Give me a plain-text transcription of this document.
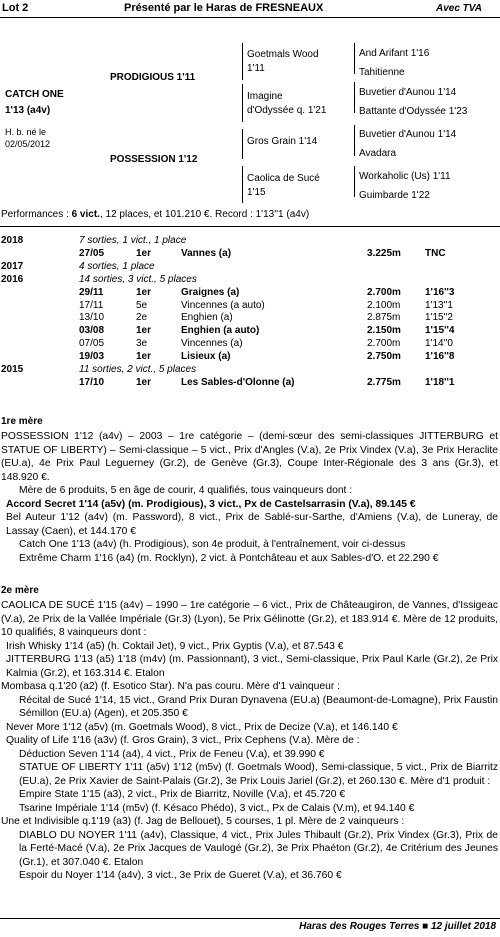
Lot 2	Présenté par le Haras de FRESNEAUX	Avec TVA
CATCH ONE
1'13 (a4v)
H. b. né le
02/05/2012
PRODIGIOUS 1'11
POSSESSION 1'12
Goetmals Wood
1'11
Imagine
d'Odyssée q. 1'21
Gros Grain 1'14
Caolica de Sucé
1'15
And Arifant 1'16
Tahitienne
Buvetier d'Aunou 1'14
Battante d'Odyssée 1'23
Buvetier d'Aunou 1'14
Avadara
Workaholic (Us) 1'11
Guimbarde 1'22
Performances : 6 vict., 12 places, et 101.210 €. Record : 1'13''1 (a4v)
2018	7 sorties, 1 vict., 1 place
27/05	1er	Vannes (a)	3.225m TNC
2017	4 sorties, 1 place
2016	14 sorties, 3 vict., 5 places
29/11	1er	Graignes (a)	2.700m 1'16''3
17/11	5e	Vincennes (a auto)	2.100m 1'13''1
13/10	2e	Enghien (a)	2.875m 1'15''2
03/08	1er	Enghien (a auto)	2.150m 1'15''4
07/05	3e	Vincennes (a)	2.700m 1'14''0
19/03	1er	Lisieux (a)	2.750m 1'16''8
2015	11 sorties, 2 vict., 5 places
17/10	1er	Les Sables-d'Olonne (a)	2.775m 1'18''1
1re mère

POSSESSION 1'12 (a4v) – 2003 – 1re catégorie – (demi-sœur des semi-classiques JITTERBURG et STATUE OF LIBERTY) – Semi-classique – 5 vict., Prix d'Angles (V.a), 2e Prix Vindex (V.a), 3e Prix Heraclite (EU.a), 4e Prix Paul Leguerney (Gr.2), de Genève (Gr.3), Coupe Inter-Régionale des 3 ans (Gr.3), et 148.920 €.

Mère de 6 produits, 5 en âge de courir, 4 qualifiés, tous vainqueurs dont :

Accord Secret 1'14 (a5v) (m. Prodigious), 3 vict., Px de Castelsarrasin (V.a), 89.145 €

Bel Auteur 1'12 (a4v) (m. Password), 8 vict., Prix de Sablé-sur-Sarthe, d'Amiens (V.a), de Luneray, de Lassay (Caen), et 144.170 €

Catch One 1'13 (a4v) (h. Prodigious), son 4e produit, à l'entraînement, voir ci-dessus

Extrême Charm 1'16 (a4) (m. Rocklyn), 2 vict. à Pontchâteau et aux Sables-d'O. et 22.290 €

2e mère

CAOLICA DE SUCÉ 1'15 (a4v) – 1990 – 1re catégorie – 6 vict., Prix de Châteaugiron, de Vannes, d'Issigeac (V.a), 2e Prix de la Vallée Impériale (Gr.3) (Lyon), 5e Prix Gélinotte (Gr.2), et 183.914 €. Mère de 12 produits, 10 qualifiés, 8 vainqueurs dont :

Irish Whisky 1'14 (a5) (h. Coktail Jet), 9 vict., Prix Gyptis (V.a), et 87.543 €

JITTERBURG 1'13 (a5) 1'18 (m4v) (m. Passionnant), 3 vict., Semi-classique, Prix Paul Karle (Gr.2), 2e Prix Kalmia (Gr.2), et 163.314 €. Etalon

Mombasa q.1'20 (a2) (f. Esotico Star). N'a pas couru. Mère d'1 vainqueur :

Récital de Sucé 1'14, 15 vict., Grand Prix Duran Dynavena (EU.a) (Beaumont-de-Lomagne), Prix Faustin Sémillon (EU.a) (Agen), et 205.350 €

Never More 1'12 (a5v) (m. Goetmals Wood), 8 vict., Prix de Decize (V.a), et 146.140 €

Quality of Life 1'16 (a3v) (f. Gros Grain), 3 vict., Prix Cephens (V.a). Mère de :

Déduction Seven 1'14 (a4), 4 vict., Prix de Feneu (V.a), et 39.990 €

STATUE OF LIBERTY 1'11 (a5v) 1'12 (m5v) (f. Goetmals Wood), Semi-classique, 5 vict., Prix de Biarritz (EU.a), 2e Prix Xavier de Saint-Palais (Gr.2), 3e Prix Louis Jariel (Gr.2), et 260.130 €. Mère d'1 produit :

Empire State 1'15 (a3), 2 vict., Prix de Biarritz, Noville (V.a), et 45.720 €

Tsarine Impériale 1'14 (m5v) (f. Késaco Phédo), 3 vict., Px de Calais (V.m), et 94.140 €

Une et Indivisible q.1'19 (a3) (f. Jag de Bellouet), 5 courses, 1 pl. Mère de 2 vainqueurs :

DIABLO DU NOYER 1'11 (a4v), Classique, 4 vict., Prix Jules Thibault (Gr.2), Prix Vindex (Gr.3), Prix de la Ferté-Macé (V.a), 2e Prix Jacques de Vaulogé (Gr.2), 3e Prix Phaéton (Gr.2), 4e Critérium des Jeunes (Gr.1), et 307.040 €. Etalon

Espoir du Noyer 1'14 (a4v), 3 vict., 3e Prix de Gueret (V.a), et 36.760 €

Haras des Rouges Terres ■ 12 juillet 2018
